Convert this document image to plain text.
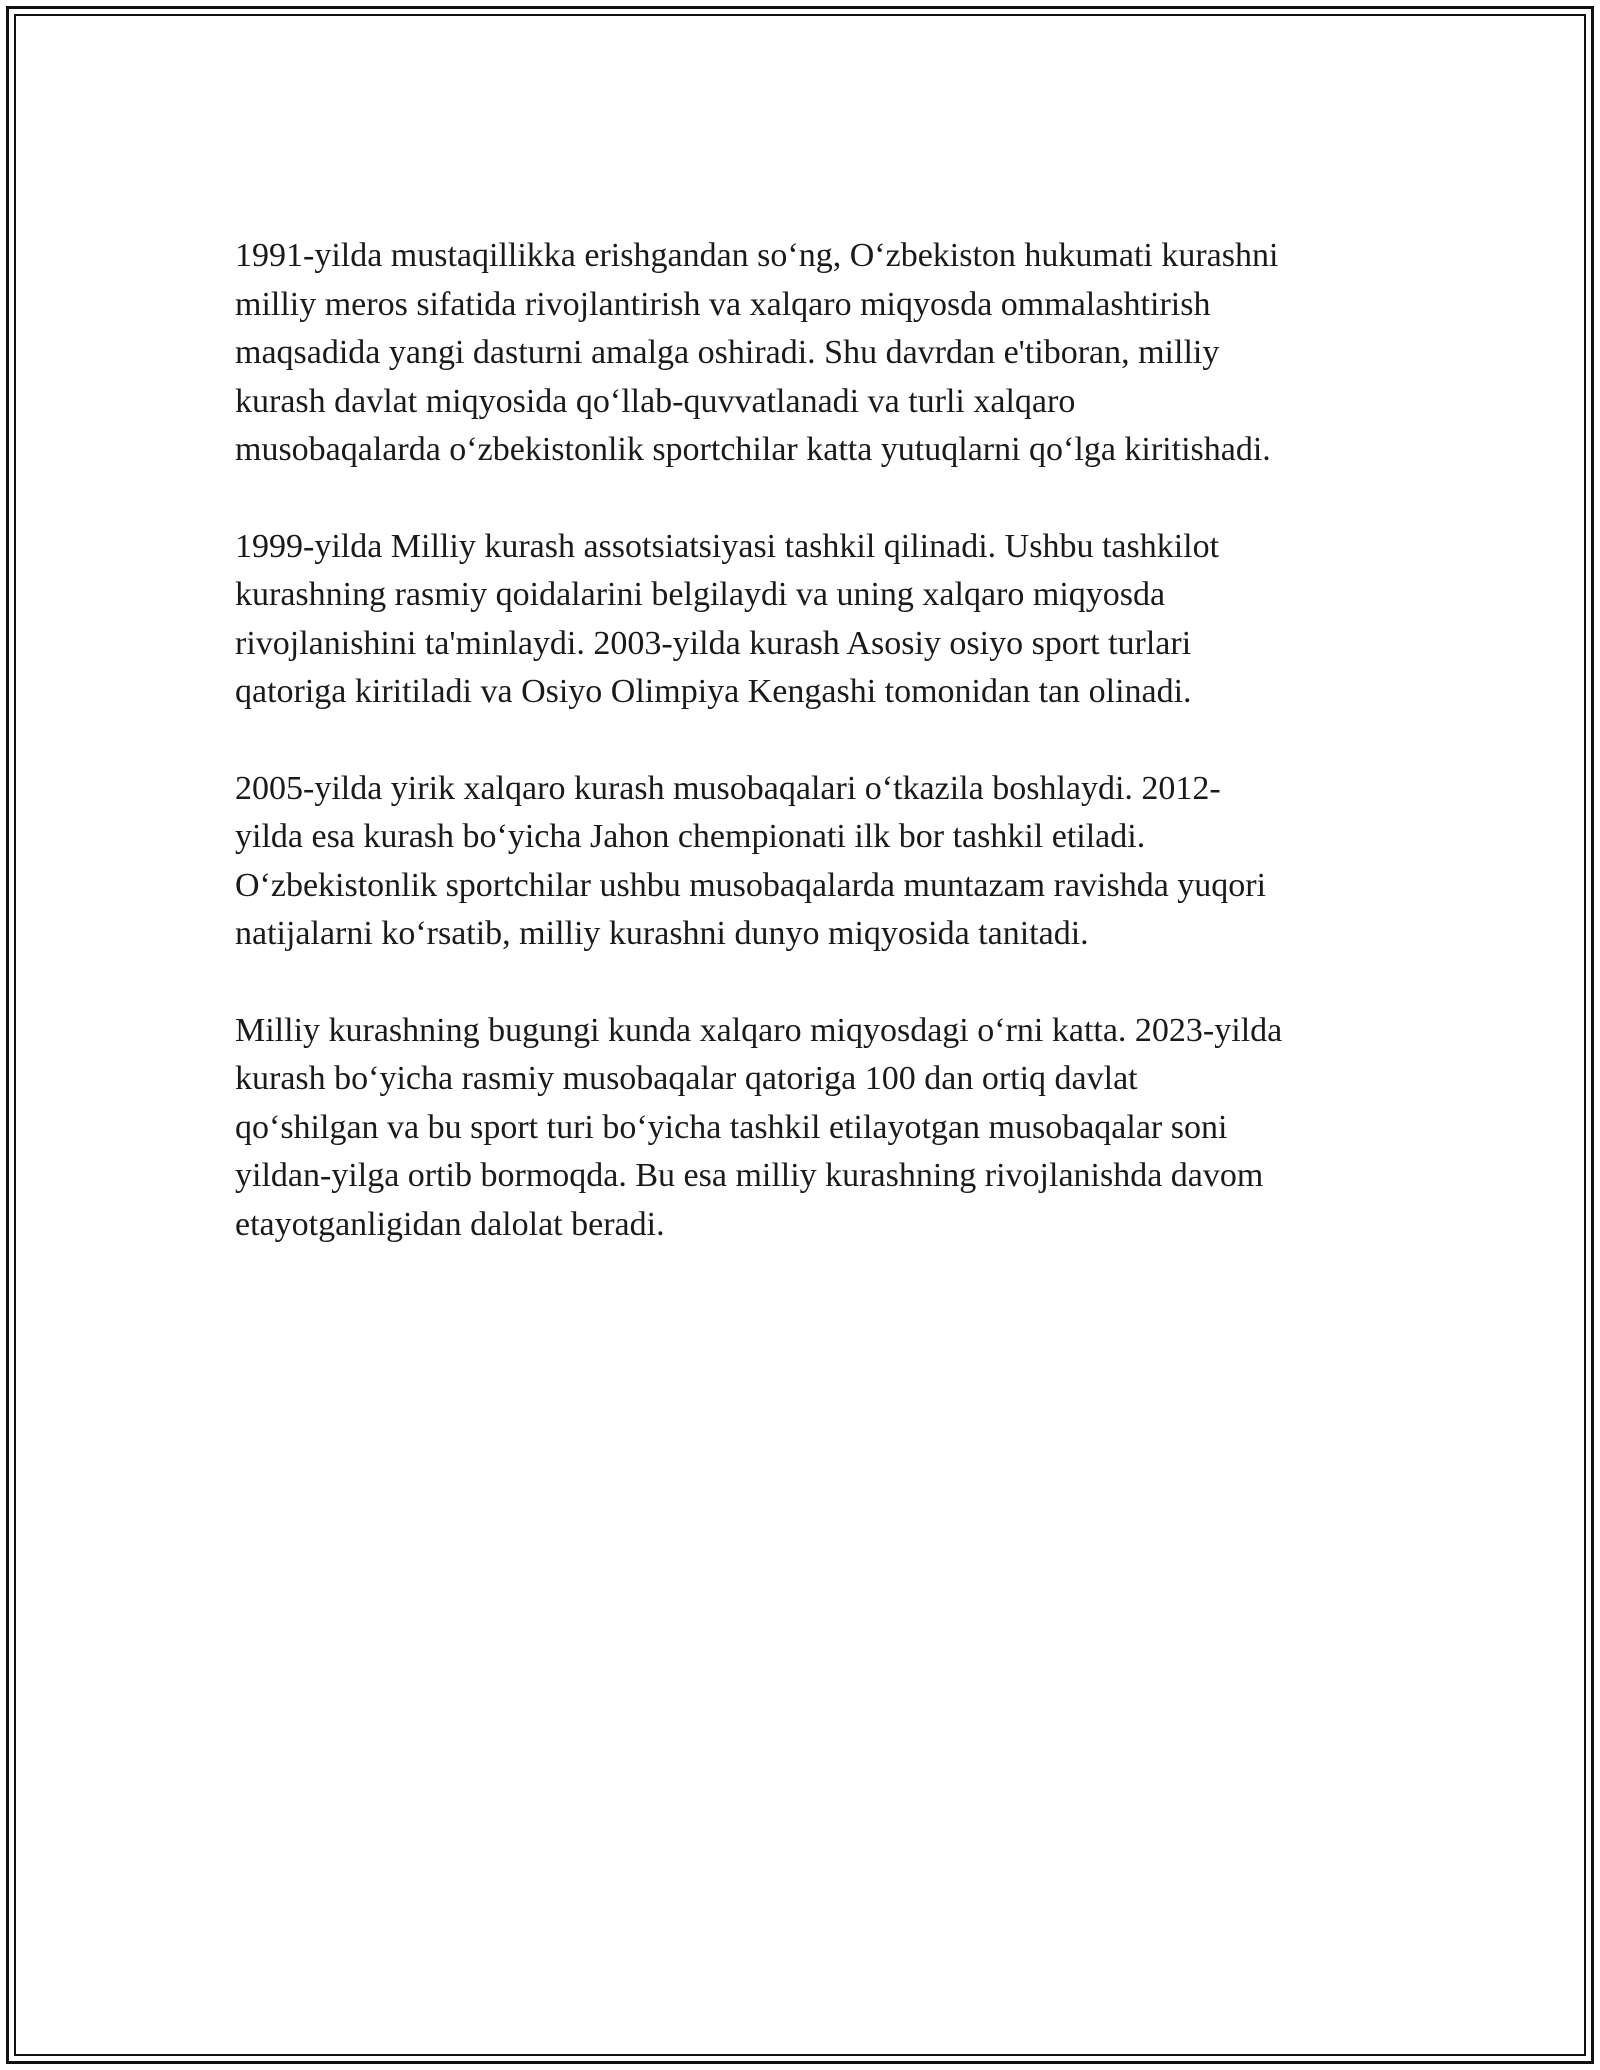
1991-yilda mustaqillikka erishgandan so‘ng, O‘zbekiston hukumati kurashni
milliy meros sifatida rivojlantirish va xalqaro miqyosda ommalashtirish
maqsadida yangi dasturni amalga oshiradi. Shu davrdan e'tiboran, milliy
kurash davlat miqyosida qo‘llab-quvvatlanadi va turli xalqaro
musobaqalarda o‘zbekistonlik sportchilar katta yutuqlarni qo‘lga kiritishadi.

1999-yilda Milliy kurash assotsiatsiyasi tashkil qilinadi. Ushbu tashkilot
kurashning rasmiy qoidalarini belgilaydi va uning xalqaro miqyosda
rivojlanishini ta'minlaydi. 2003-yilda kurash Asosiy osiyo sport turlari
qatoriga kiritiladi va Osiyo Olimpiya Kengashi tomonidan tan olinadi.

2005-yilda yirik xalqaro kurash musobaqalari o‘tkazila boshlaydi. 2012-
yilda esa kurash bo‘yicha Jahon chempionati ilk bor tashkil etiladi.
O‘zbekistonlik sportchilar ushbu musobaqalarda muntazam ravishda yuqori
natijalarni ko‘rsatib, milliy kurashni dunyo miqyosida tanitadi.

Milliy kurashning bugungi kunda xalqaro miqyosdagi o‘rni katta. 2023-yilda
kurash bo‘yicha rasmiy musobaqalar qatoriga 100 dan ortiq davlat
qo‘shilgan va bu sport turi bo‘yicha tashkil etilayotgan musobaqalar soni
yildan-yilga ortib bormoqda. Bu esa milliy kurashning rivojlanishda davom
etayotganligidan dalolat beradi.
